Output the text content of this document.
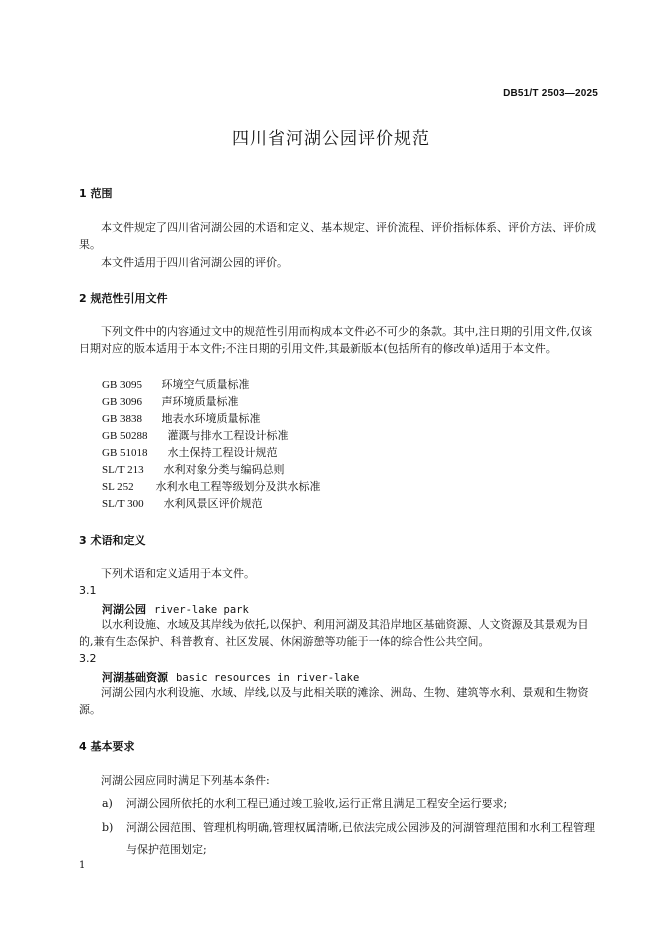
DB51/T 2503—2025
四川省河湖公园评价规范
1 范围
本文件规定了四川省河湖公园的术语和定义、基本规定、评价流程、评价指标体系、评价方法、评价成果。
本文件适用于四川省河湖公园的评价。
2 规范性引用文件
下列文件中的内容通过文中的规范性引用而构成本文件必不可少的条款。其中,注日期的引用文件,仅该日期对应的版本适用于本文件;不注日期的引用文件,其最新版本(包括所有的修改单)适用于本文件。
GB 3095 环境空气质量标准
GB 3096 声环境质量标准
GB 3838 地表水环境质量标准
GB 50288 灌溉与排水工程设计标准
GB 51018 水土保持工程设计规范
SL/T 213 水利对象分类与编码总则
SL 252 水利水电工程等级划分及洪水标准
SL/T 300 水利风景区评价规范
3 术语和定义
下列术语和定义适用于本文件。
3.1
河湖公园 river-lake park
以水利设施、水域及其岸线为依托,以保护、利用河湖及其沿岸地区基础资源、人文资源及其景观为目的,兼有生态保护、科普教育、社区发展、休闲游憩等功能于一体的综合性公共空间。
3.2
河湖基础资源 basic resources in river-lake
河湖公园内水利设施、水域、岸线,以及与此相关联的滩涂、洲岛、生物、建筑等水利、景观和生物资源。
4 基本要求
河湖公园应同时满足下列基本条件:
a) 河湖公园所依托的水利工程已通过竣工验收,运行正常且满足工程安全运行要求;
b) 河湖公园范围、管理机构明确,管理权属清晰,已依法完成公园涉及的河湖管理范围和水利工程管理与保护范围划定;
1
